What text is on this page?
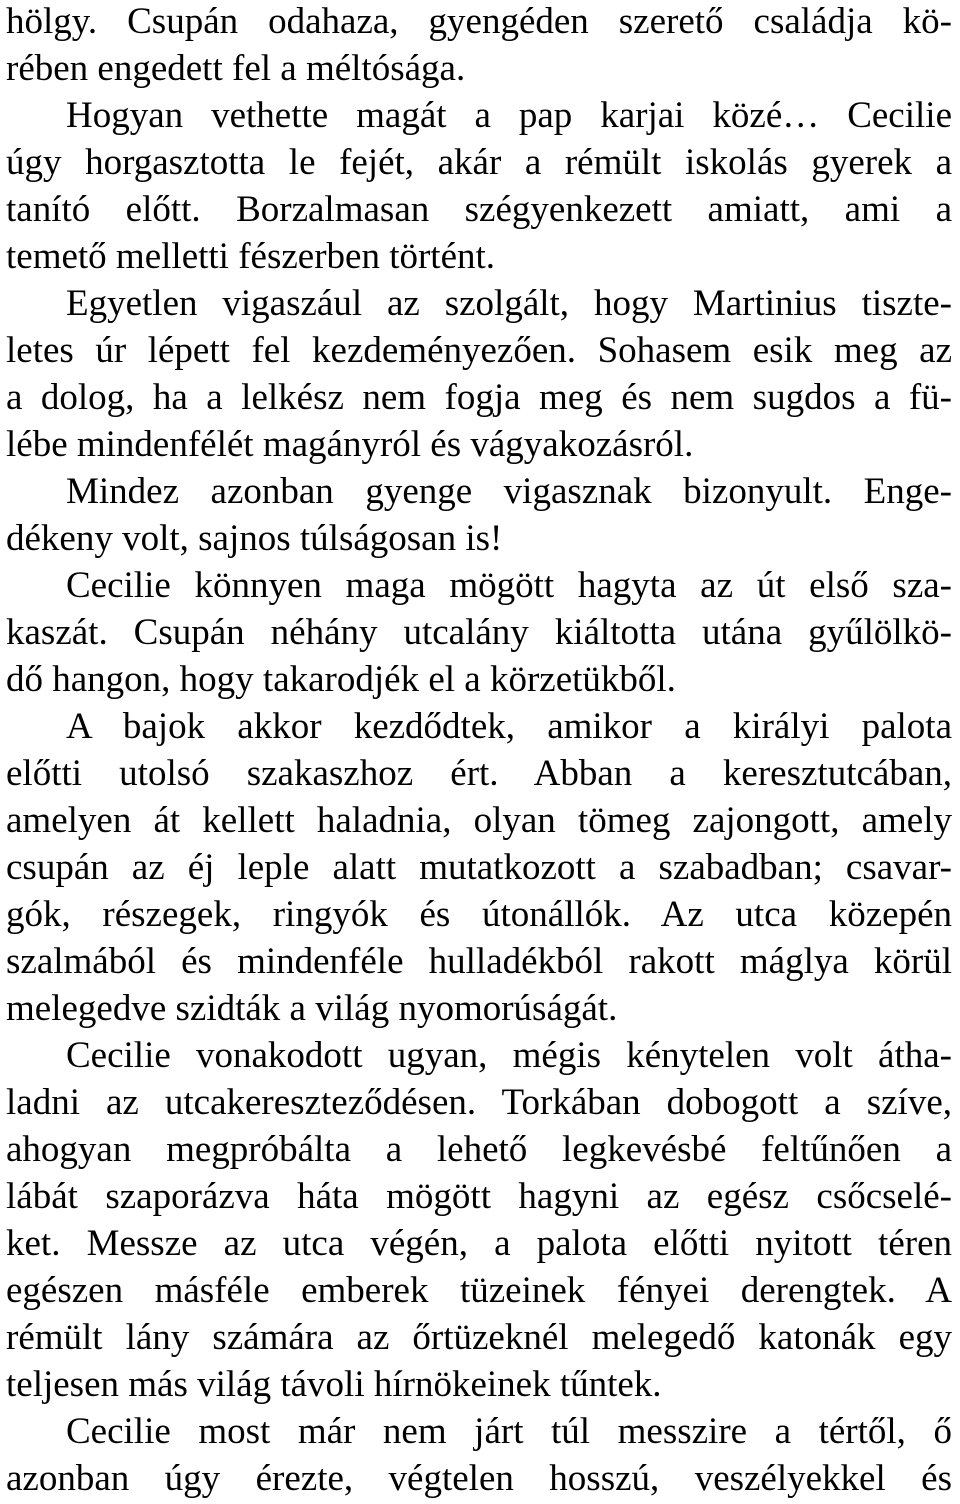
hölgy. Csupán odahaza, gyengéden szerető családja kö-
rében engedett fel a méltósága.
Hogyan vethette magát a pap karjai közé… Cecilie
úgy horgasztotta le fejét, akár a rémült iskolás gyerek a
tanító előtt. Borzalmasan szégyenkezett amiatt, ami a
temető melletti fészerben történt.
Egyetlen vigaszául az szolgált, hogy Martinius tiszte-
letes úr lépett fel kezdeményezően. Sohasem esik meg az
a dolog, ha a lelkész nem fogja meg és nem sugdos a fü-
lébe mindenfélét magányról és vágyakozásról.
Mindez azonban gyenge vigasznak bizonyult. Enge-
dékeny volt, sajnos túlságosan is!
Cecilie könnyen maga mögött hagyta az út első sza-
kaszát. Csupán néhány utcalány kiáltotta utána gyűlölkö-
dő hangon, hogy takarodjék el a körzetükből.
A bajok akkor kezdődtek, amikor a királyi palota
előtti utolsó szakaszhoz ért. Abban a keresztutcában,
amelyen át kellett haladnia, olyan tömeg zajongott, amely
csupán az éj leple alatt mutatkozott a szabadban; csavar-
gók, részegek, ringyók és útonállók. Az utca közepén
szalmából és mindenféle hulladékból rakott máglya körül
melegedve szidták a világ nyomorúságát.
Cecilie vonakodott ugyan, mégis kénytelen volt átha-
ladni az utcakereszteződésen. Torkában dobogott a szíve,
ahogyan megpróbálta a lehető legkevésbé feltűnően a
lábát szaporázva háta mögött hagyni az egész csőcselé-
ket. Messze az utca végén, a palota előtti nyitott téren
egészen másféle emberek tüzeinek fényei derengtek. A
rémült lány számára az őrtüzeknél melegedő katonák egy
teljesen más világ távoli hírnökeinek tűntek.
Cecilie most már nem járt túl messzire a tértől, ő
azonban úgy érezte, végtelen hosszú, veszélyekkel és
